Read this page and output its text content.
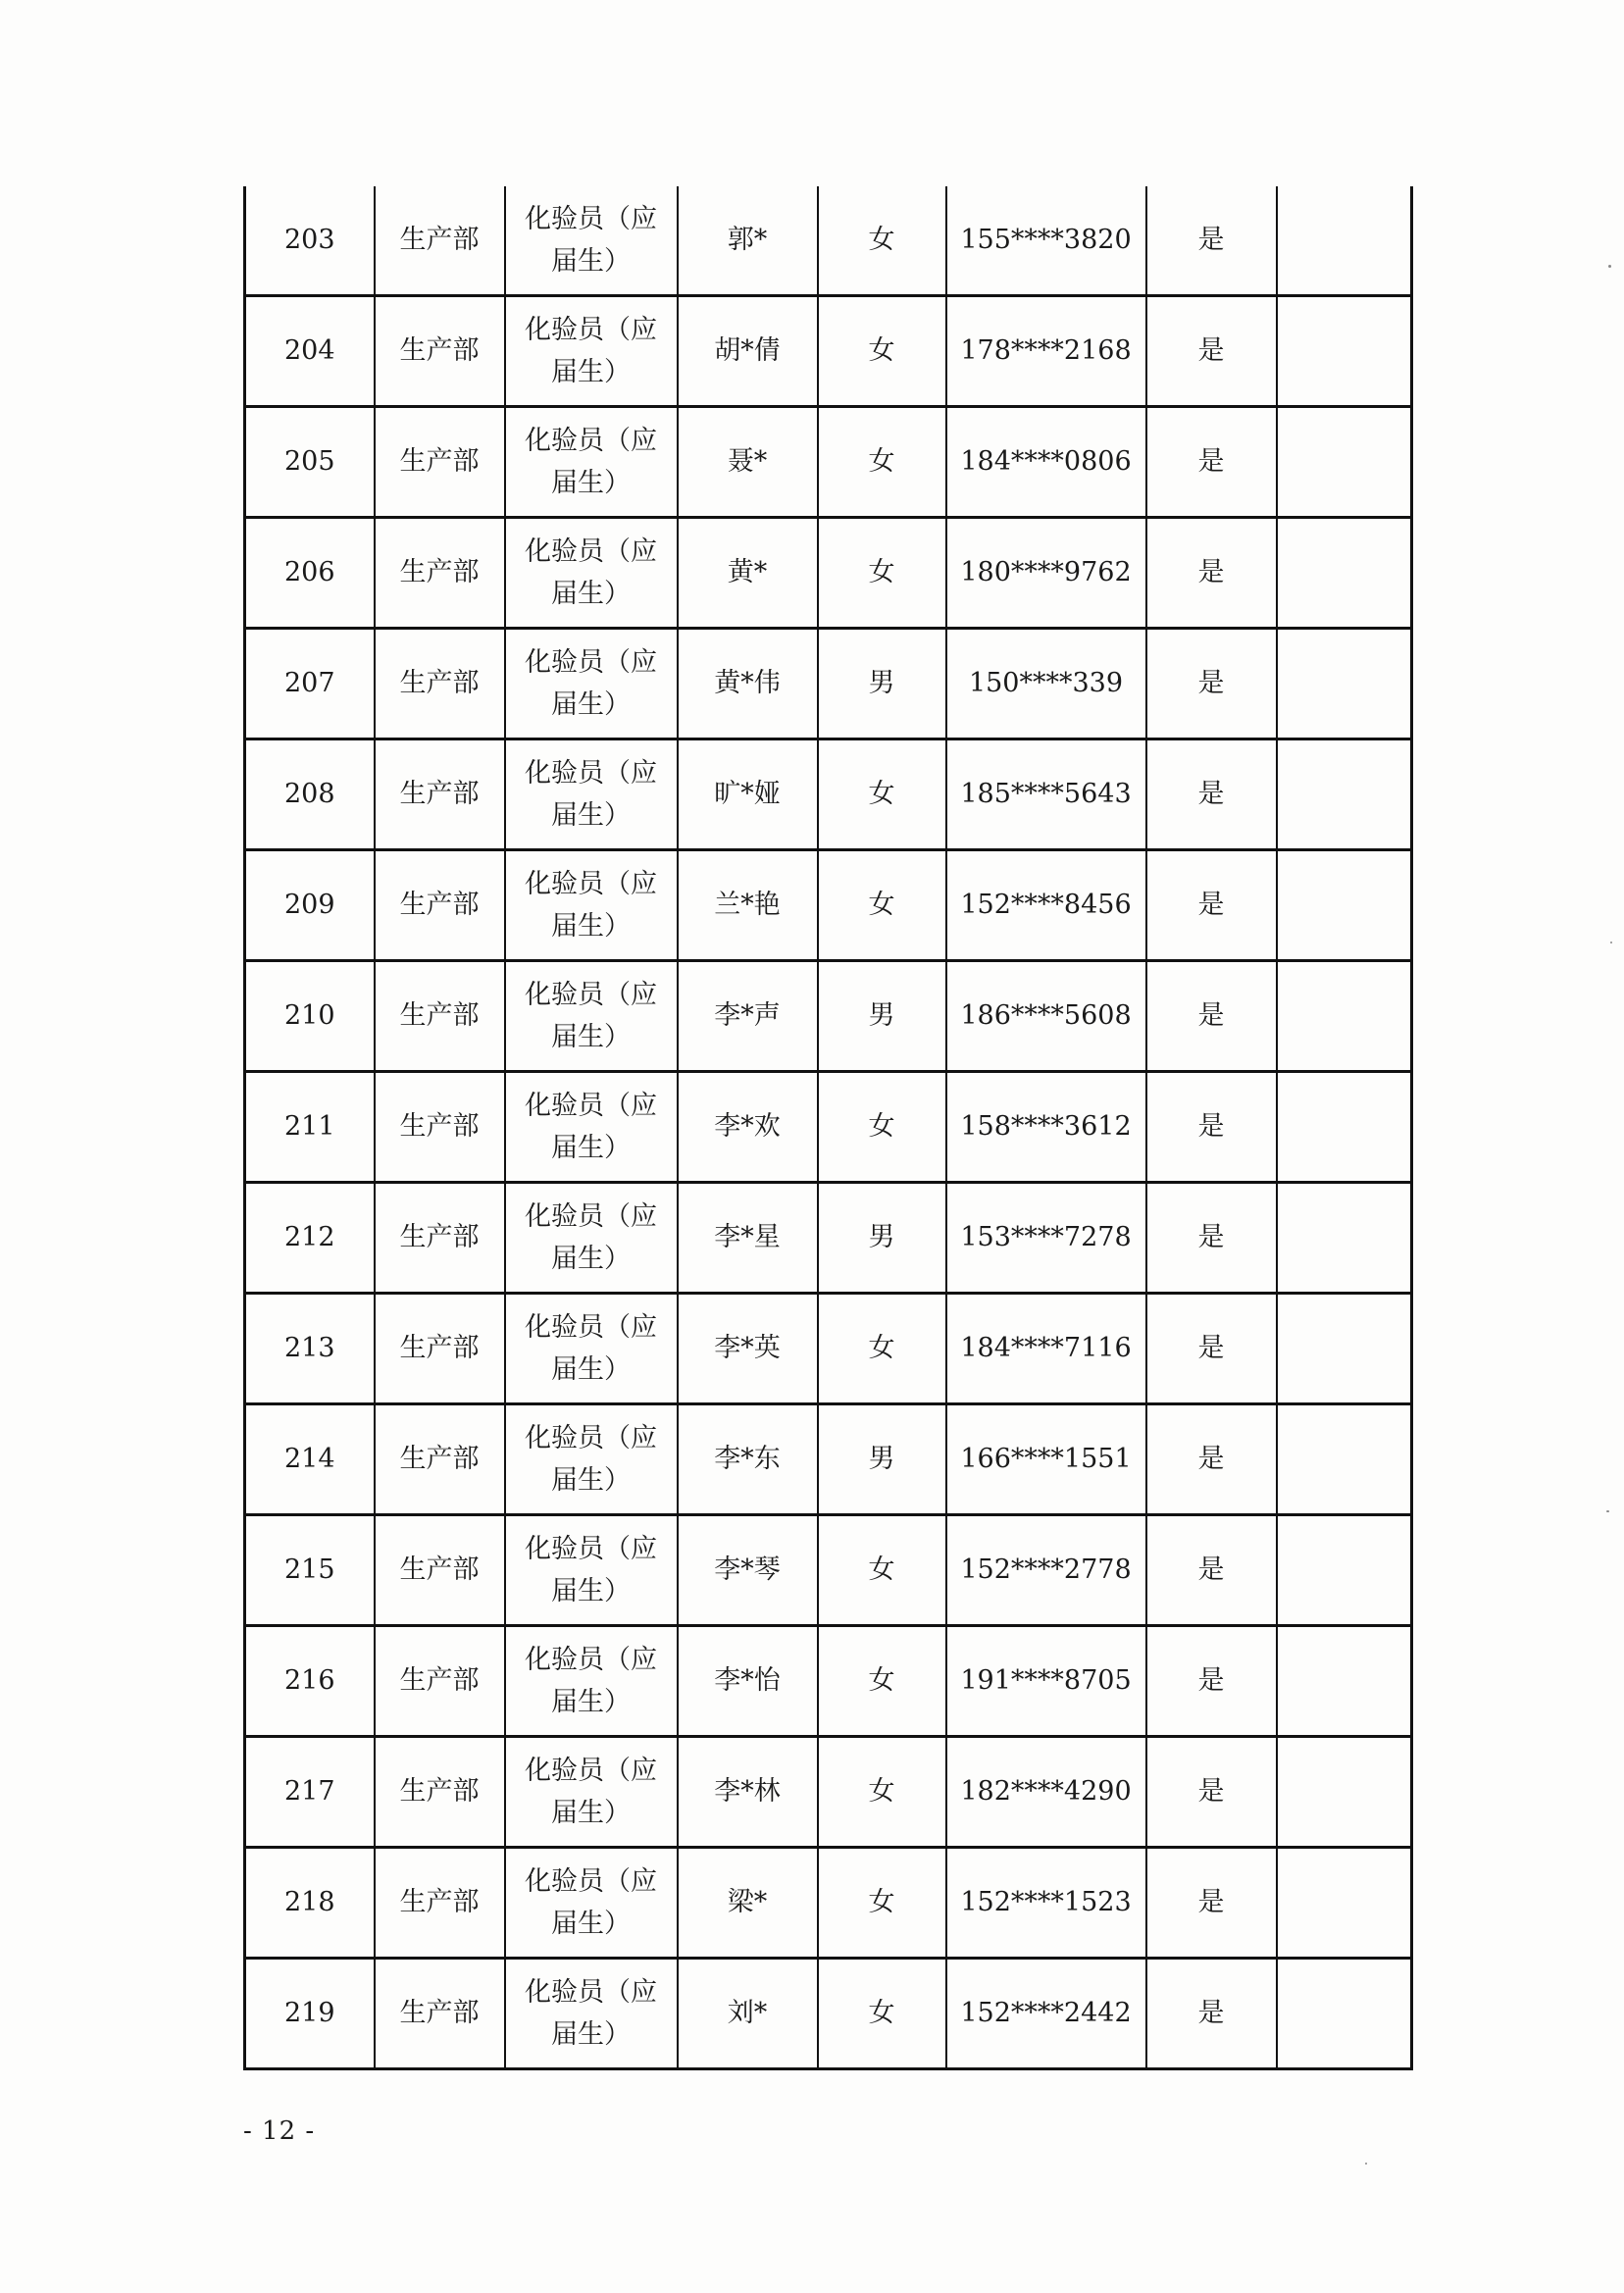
203	生产部	化验员（应
届生）	郭*	女	155****3820	是	
204	生产部	化验员（应
届生）	胡*倩	女	178****2168	是	
205	生产部	化验员（应
届生）	聂*	女	184****0806	是	
206	生产部	化验员（应
届生）	黄*	女	180****9762	是	
207	生产部	化验员（应
届生）	黄*伟	男	150****339	是	
208	生产部	化验员（应
届生）	旷*娅	女	185****5643	是	
209	生产部	化验员（应
届生）	兰*艳	女	152****8456	是	
210	生产部	化验员（应
届生）	李*声	男	186****5608	是	
211	生产部	化验员（应
届生）	李*欢	女	158****3612	是	
212	生产部	化验员（应
届生）	李*星	男	153****7278	是	
213	生产部	化验员（应
届生）	李*英	女	184****7116	是	
214	生产部	化验员（应
届生）	李*东	男	166****1551	是	
215	生产部	化验员（应
届生）	李*琴	女	152****2778	是	
216	生产部	化验员（应
届生）	李*怡	女	191****8705	是	
217	生产部	化验员（应
届生）	李*林	女	182****4290	是	
218	生产部	化验员（应
届生）	梁*	女	152****1523	是	
219	生产部	化验员（应
届生）	刘*	女	152****2442	是	
- 12 -
